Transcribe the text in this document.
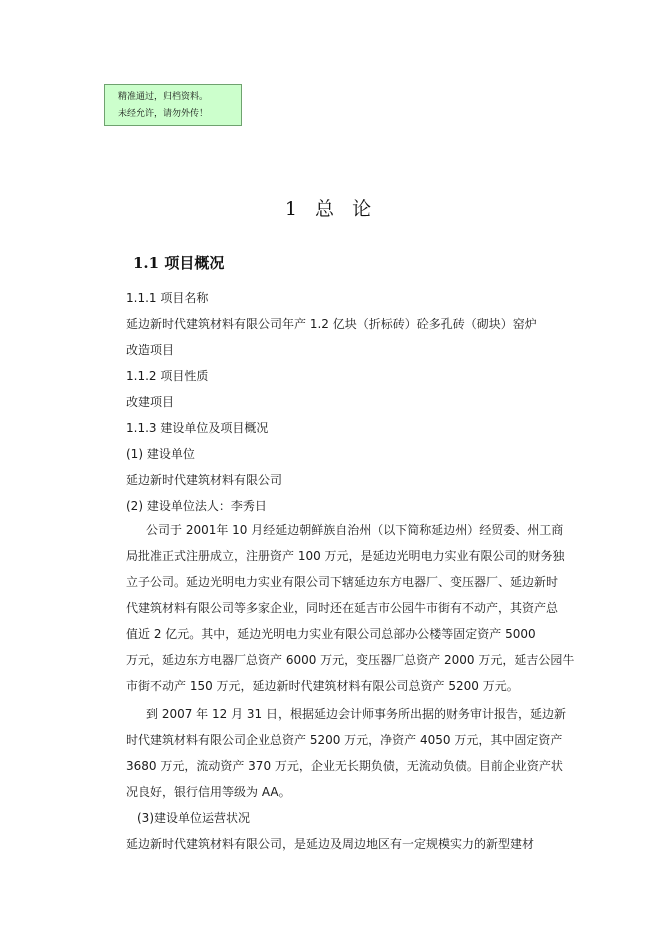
精准通过，归档资料。
未经允许，请勿外传！
1 总 论
1.1 项目概况
1.1.1 项目名称
延边新时代建筑材料有限公司年产 1.2 亿块（折标砖）砼多孔砖（砌块）窑炉
改造项目
1.1.2 项目性质
改建项目
1.1.3 建设单位及项目概况
(1) 建设单位
延边新时代建筑材料有限公司
(2) 建设单位法人：李秀日
公司于 2001年 10 月经延边朝鲜族自治州（以下简称延边州）经贸委、州工商
局批准正式注册成立，注册资产 100 万元，是延边光明电力实业有限公司的财务独
立子公司。延边光明电力实业有限公司下辖延边东方电器厂、变压器厂、延边新时
代建筑材料有限公司等多家企业，同时还在延吉市公园牛市街有不动产，其资产总
值近 2 亿元。其中，延边光明电力实业有限公司总部办公楼等固定资产 5000
万元，延边东方电器厂总资产 6000 万元，变压器厂总资产 2000 万元，延吉公园牛
市街不动产 150 万元，延边新时代建筑材料有限公司总资产 5200 万元。
到 2007 年 12 月 31 日，根据延边会计师事务所出据的财务审计报告，延边新
时代建筑材料有限公司企业总资产 5200 万元，净资产 4050 万元，其中固定资产
3680 万元，流动资产 370 万元，企业无长期负债，无流动负债。目前企业资产状
况良好，银行信用等级为 AA。
(3)建设单位运营状况
延边新时代建筑材料有限公司，是延边及周边地区有一定规模实力的新型建材
